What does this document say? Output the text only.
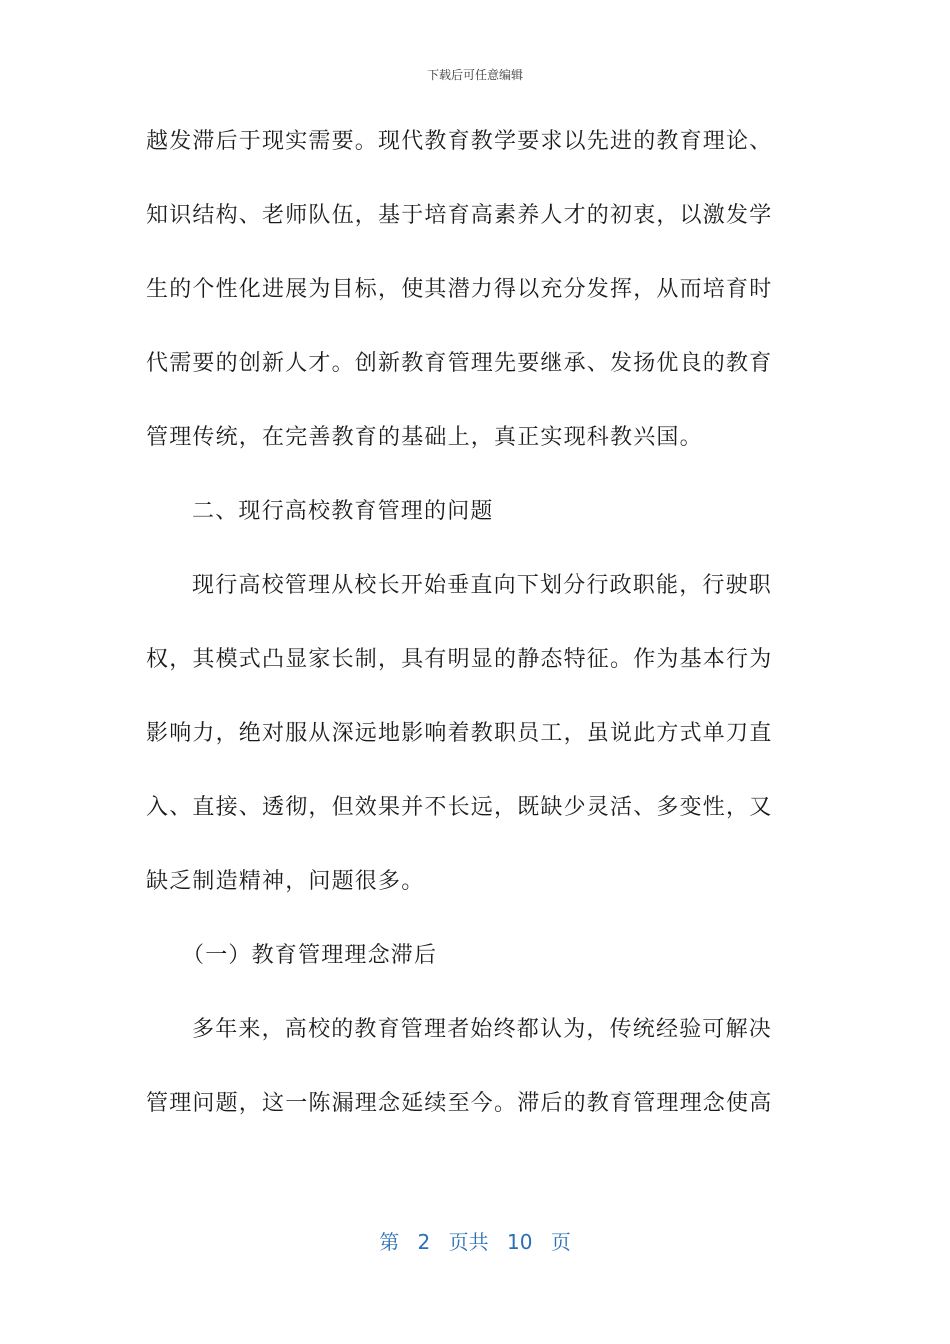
下载后可任意编辑
越发滞后于现实需要。现代教育教学要求以先进的教育理论、
知识结构、老师队伍，基于培育高素养人才的初衷，以激发学
生的个性化进展为目标，使其潜力得以充分发挥，从而培育时
代需要的创新人才。创新教育管理先要继承、发扬优良的教育
管理传统，在完善教育的基础上，真正实现科教兴国。
二、现行高校教育管理的问题
现行高校管理从校长开始垂直向下划分行政职能，行驶职
权，其模式凸显家长制，具有明显的静态特征。作为基本行为
影响力，绝对服从深远地影响着教职员工，虽说此方式单刀直
入、直接、透彻，但效果并不长远，既缺少灵活、多变性，又
缺乏制造精神，问题很多。
（一）教育管理理念滞后
多年来，高校的教育管理者始终都认为，传统经验可解决
管理问题，这一陈漏理念延续至今。滞后的教育管理理念使高
第 2 页共 10 页
